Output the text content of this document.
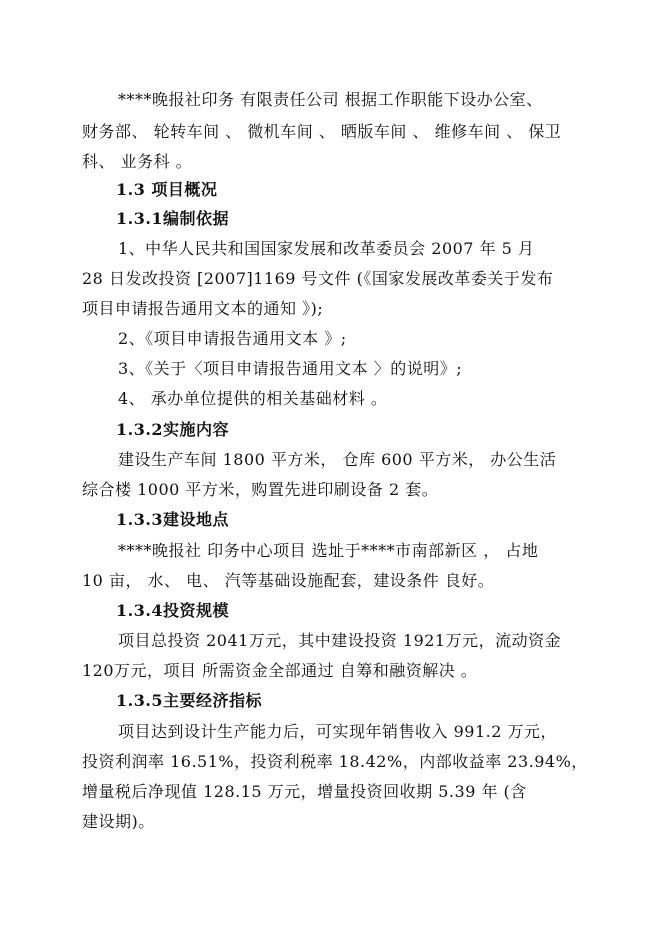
****晚报社印务 有限责任公司 根据工作职能下设办公室、
财务部、 轮转车间 、 微机车间 、 晒版车间 、 维修车间 、 保卫
科、 业务科 。
1.3 项目概况
1.3.1编制依据
1、中华人民共和国国家发展和改革委员会 2007 年 5 月
28 日发改投资 [2007]1169 号文件 (《国家发展改革委关于发布
项目申请报告通用文本的通知 》);
2、《项目申请报告通用文本 》;
3、《关于〈项目申请报告通用文本 〉的说明》;
4、 承办单位提供的相关基础材料 。
1.3.2实施内容
建设生产车间 1800 平方米， 仓库 600 平方米， 办公生活
综合楼 1000 平方米，购置先进印刷设备 2 套。
1.3.3建设地点
****晚报社 印务中心项目 选址于****市南部新区 ， 占地
10 亩， 水、 电、 汽等基础设施配套，建设条件 良好。
1.3.4投资规模
项目总投资 2041万元，其中建设投资 1921万元，流动资金
120万元，项目 所需资金全部通过 自筹和融资解决 。
1.3.5主要经济指标
项目达到设计生产能力后，可实现年销售收入 991.2 万元，
投资利润率 16.51%，投资利税率 18.42%，内部收益率 23.94%，
增量税后净现值 128.15 万元，增量投资回收期 5.39 年 (含
建设期)。
